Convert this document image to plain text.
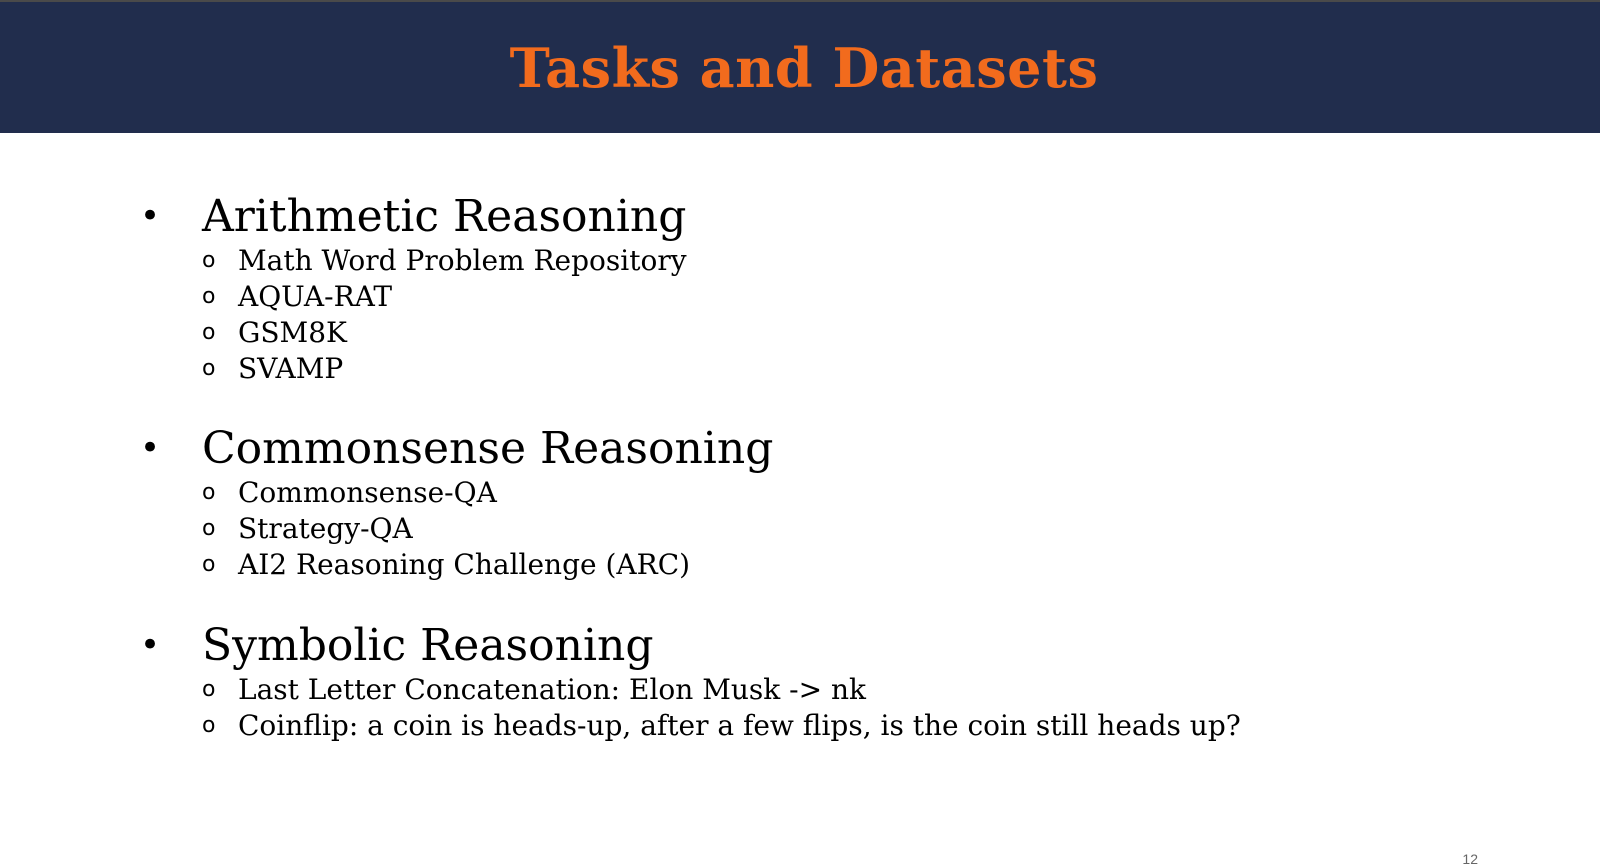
Tasks and Datasets
• Arithmetic Reasoning
o Math Word Problem Repository
o AQUA-RAT
o GSM8K
o SVAMP
• Commonsense Reasoning
o Commonsense-QA
o Strategy-QA
o AI2 Reasoning Challenge (ARC)
• Symbolic Reasoning
o Last Letter Concatenation: Elon Musk -> nk
o Coinflip: a coin is heads-up, after a few flips, is the coin still heads up?
12
